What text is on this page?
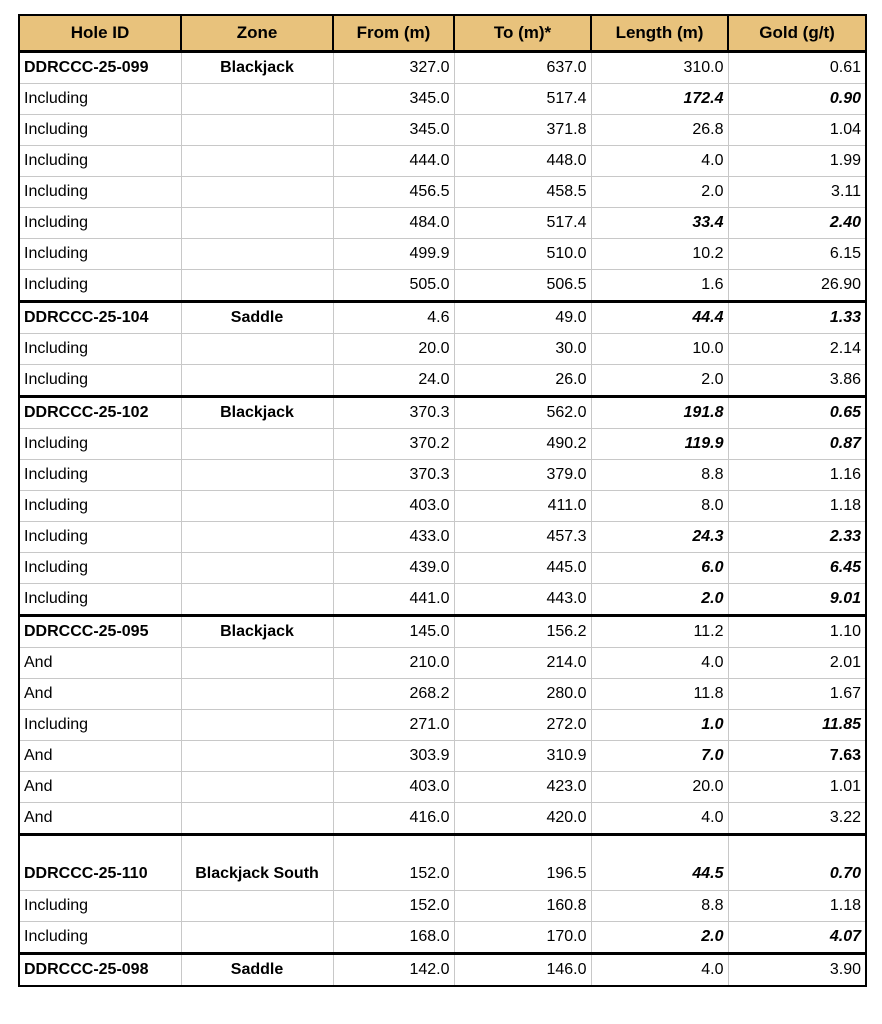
Hole ID	Zone	From (m)	To (m)*	Length (m)	Gold (g/t)
DDRCCC-25-099	Blackjack	327.0	637.0	310.0	0.61
Including		345.0	517.4	172.4	0.90
Including		345.0	371.8	26.8	1.04
Including		444.0	448.0	4.0	1.99
Including		456.5	458.5	2.0	3.11
Including		484.0	517.4	33.4	2.40
Including		499.9	510.0	10.2	6.15
Including		505.0	506.5	1.6	26.90
DDRCCC-25-104	Saddle	4.6	49.0	44.4	1.33
Including		20.0	30.0	10.0	2.14
Including		24.0	26.0	2.0	3.86
DDRCCC-25-102	Blackjack	370.3	562.0	191.8	0.65
Including		370.2	490.2	119.9	0.87
Including		370.3	379.0	8.8	1.16
Including		403.0	411.0	8.0	1.18
Including		433.0	457.3	24.3	2.33
Including		439.0	445.0	6.0	6.45
Including		441.0	443.0	2.0	9.01
DDRCCC-25-095	Blackjack	145.0	156.2	11.2	1.10
And		210.0	214.0	4.0	2.01
And		268.2	280.0	11.8	1.67
Including		271.0	272.0	1.0	11.85
And		303.9	310.9	7.0	7.63
And		403.0	423.0	20.0	1.01
And		416.0	420.0	4.0	3.22
DDRCCC-25-110	Blackjack South	152.0	196.5	44.5	0.70
Including		152.0	160.8	8.8	1.18
Including		168.0	170.0	2.0	4.07
DDRCCC-25-098	Saddle	142.0	146.0	4.0	3.90
